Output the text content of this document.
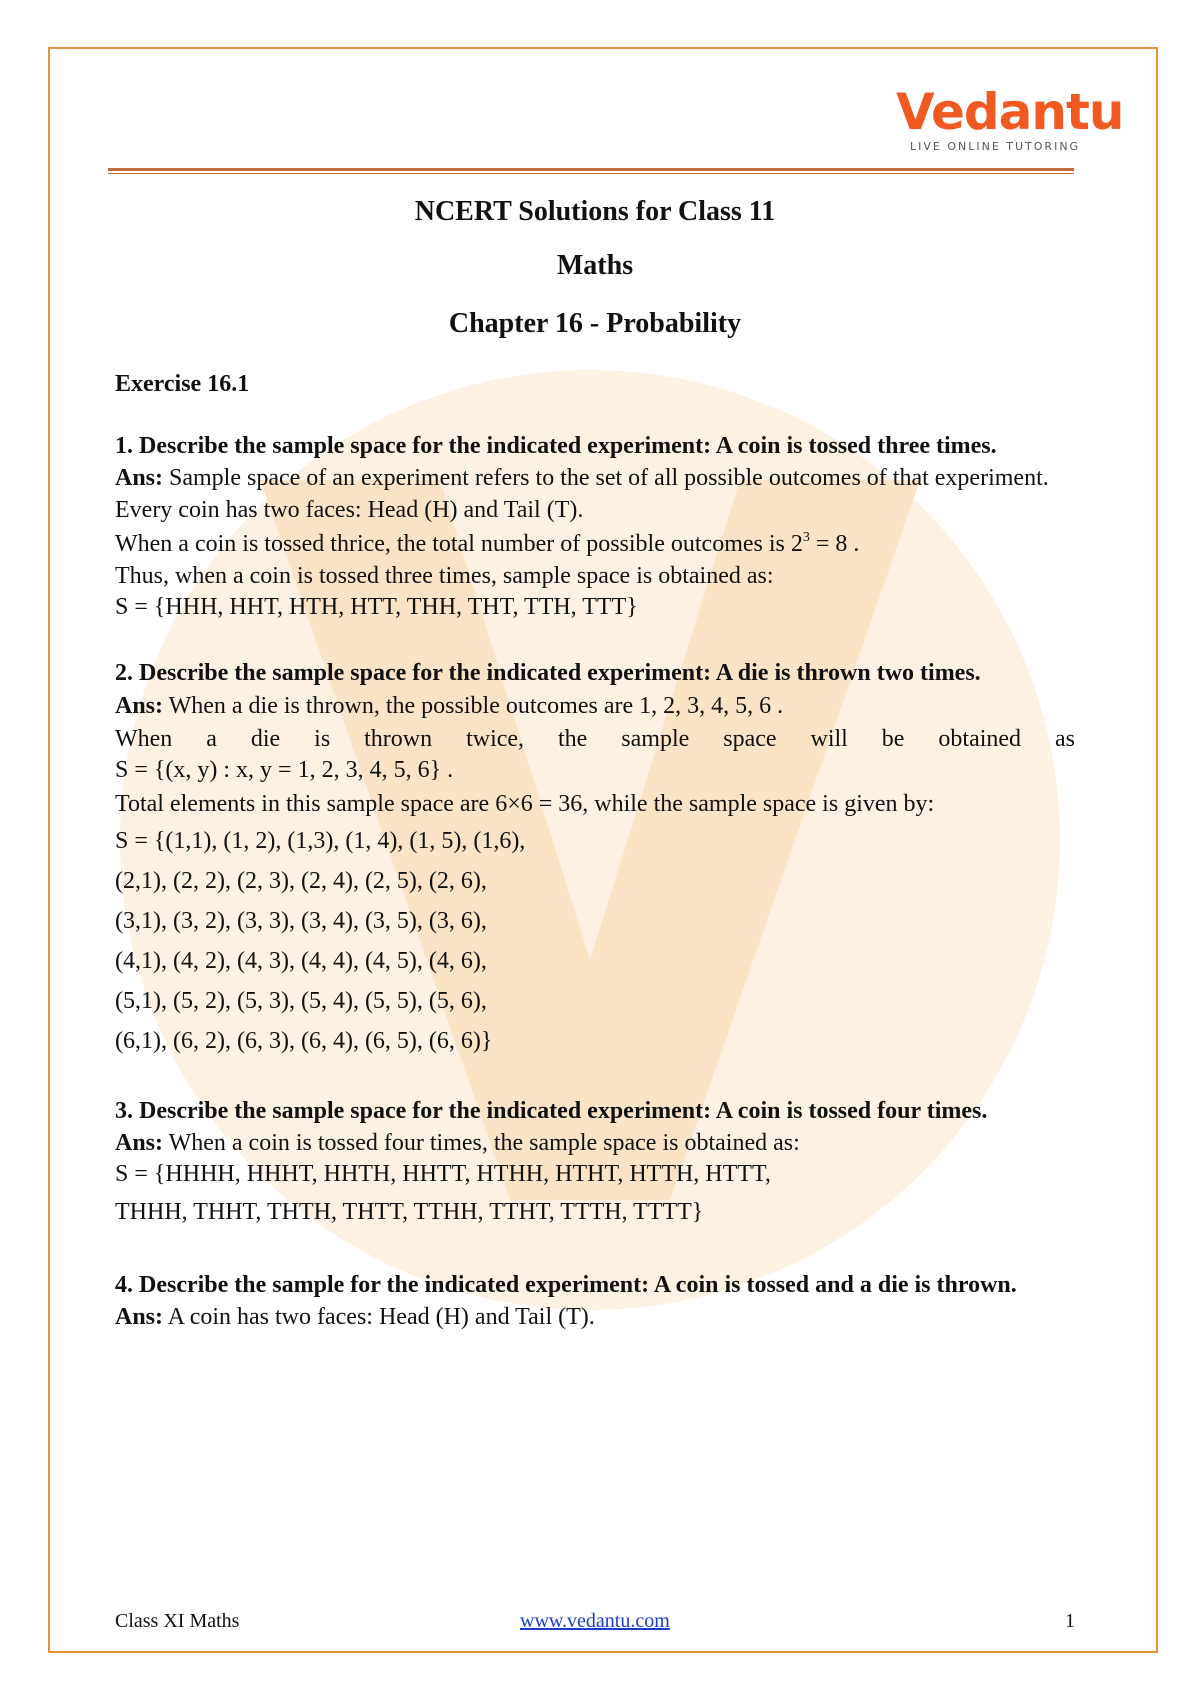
Vedantu
LIVE ONLINE TUTORING
NCERT Solutions for Class 11
Maths
Chapter 16 - Probability
Exercise 16.1

1. Describe the sample space for the indicated experiment: A coin is tossed three times.

Ans: Sample space of an experiment refers to the set of all possible outcomes of that experiment.

Every coin has two faces: Head (H) and Tail (T).

When a coin is tossed thrice, the total number of possible outcomes is $2^3 = 8$ .

Thus, when a coin is tossed three times, sample space is obtained as:

S = {HHH, HHT, HTH, HTT, THH, THT, TTH, TTT}

2. Describe the sample space for the indicated experiment: A die is thrown two times.

Ans: When a die is thrown, the possible outcomes are 1, 2, 3, 4, 5, 6 .

When a die is thrown twice, the sample space will be obtained as

S = {(x, y) : x, y = 1, 2, 3, 4, 5, 6} .

Total elements in this sample space are 6×6 = 36, while the sample space is given by:

S = {(1,1), (1, 2), (1,3), (1, 4), (1, 5), (1,6),

(2,1), (2, 2), (2, 3), (2, 4), (2, 5), (2, 6),

(3,1), (3, 2), (3, 3), (3, 4), (3, 5), (3, 6),

(4,1), (4, 2), (4, 3), (4, 4), (4, 5), (4, 6),

(5,1), (5, 2), (5, 3), (5, 4), (5, 5), (5, 6),

(6,1), (6, 2), (6, 3), (6, 4), (6, 5), (6, 6)}

3. Describe the sample space for the indicated experiment: A coin is tossed four times.

Ans: When a coin is tossed four times, the sample space is obtained as:

S = {HHHH, HHHT, HHTH, HHTT, HTHH, HTHT, HTTH, HTTT,

THHH, THHT, THTH, THTT, TTHH, TTHT, TTTH, TTTT}

4. Describe the sample for the indicated experiment: A coin is tossed and a die is thrown.

Ans: A coin has two faces: Head (H) and Tail (T).

Class XI Maths	www.vedantu.com	1
